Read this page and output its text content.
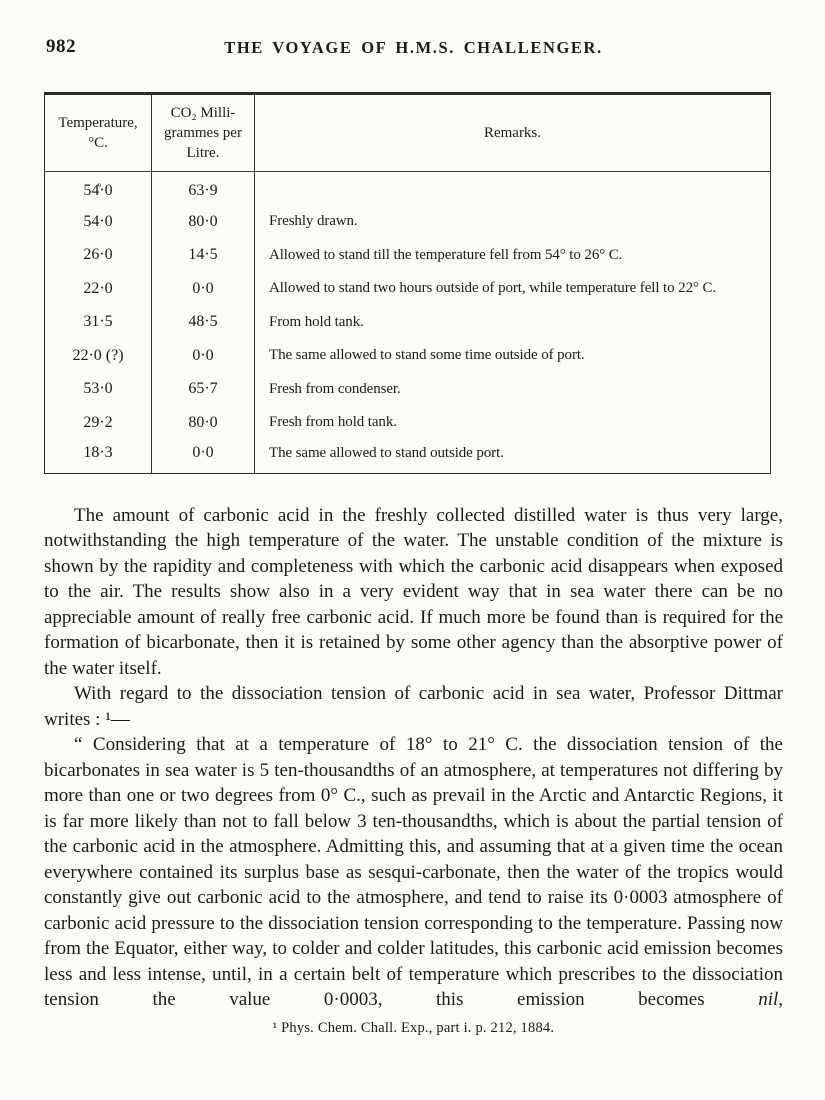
982	THE VOYAGE OF H.M.S. CHALLENGER.
Temperature, °C.	CO₂ Milli-grammes per Litre.	Remarks.
54̊·0	63·9	
54·0	80·0	Freshly drawn.
26·0	14·5	Allowed to stand till the temperature fell from 54° to 26° C.
22·0	0·0	Allowed to stand two hours outside of port, while temperature fell to 22° C.
31·5	48·5	From hold tank.
22·0 (?)	0·0	The same allowed to stand some time outside of port.
53·0	65·7	Fresh from condenser.
29·2	80·0	Fresh from hold tank.
18·3	0·0	The same allowed to stand outside port.

The amount of carbonic acid in the freshly collected distilled water is thus very large, notwithstanding the high temperature of the water. The unstable condition of the mixture is shown by the rapidity and completeness with which the carbonic acid disappears when exposed to the air. The results show also in a very evident way that in sea water there can be no appreciable amount of really free carbonic acid. If much more be found than is required for the formation of bicarbonate, then it is retained by some other agency than the absorptive power of the water itself.

With regard to the dissociation tension of carbonic acid in sea water, Professor Dittmar writes : ¹—

“ Considering that at a temperature of 18° to 21° C. the dissociation tension of the bicarbonates in sea water is 5 ten-thousandths of an atmosphere, at temperatures not differing by more than one or two degrees from 0° C., such as prevail in the Arctic and Antarctic Regions, it is far more likely than not to fall below 3 ten-thousandths, which is about the partial tension of the carbonic acid in the atmosphere. Admitting this, and assuming that at a given time the ocean everywhere contained its surplus base as sesqui-carbonate, then the water of the tropics would constantly give out carbonic acid to the atmosphere, and tend to raise its 0·0003 atmosphere of carbonic acid pressure to the dissociation tension corresponding to the temperature. Passing now from the Equator, either way, to colder and colder latitudes, this carbonic acid emission becomes less and less intense, until, in a certain belt of temperature which prescribes to the dissociation tension the value 0·0003, this emission becomes nil,

¹ Phys. Chem. Chall. Exp., part i. p. 212, 1884.
